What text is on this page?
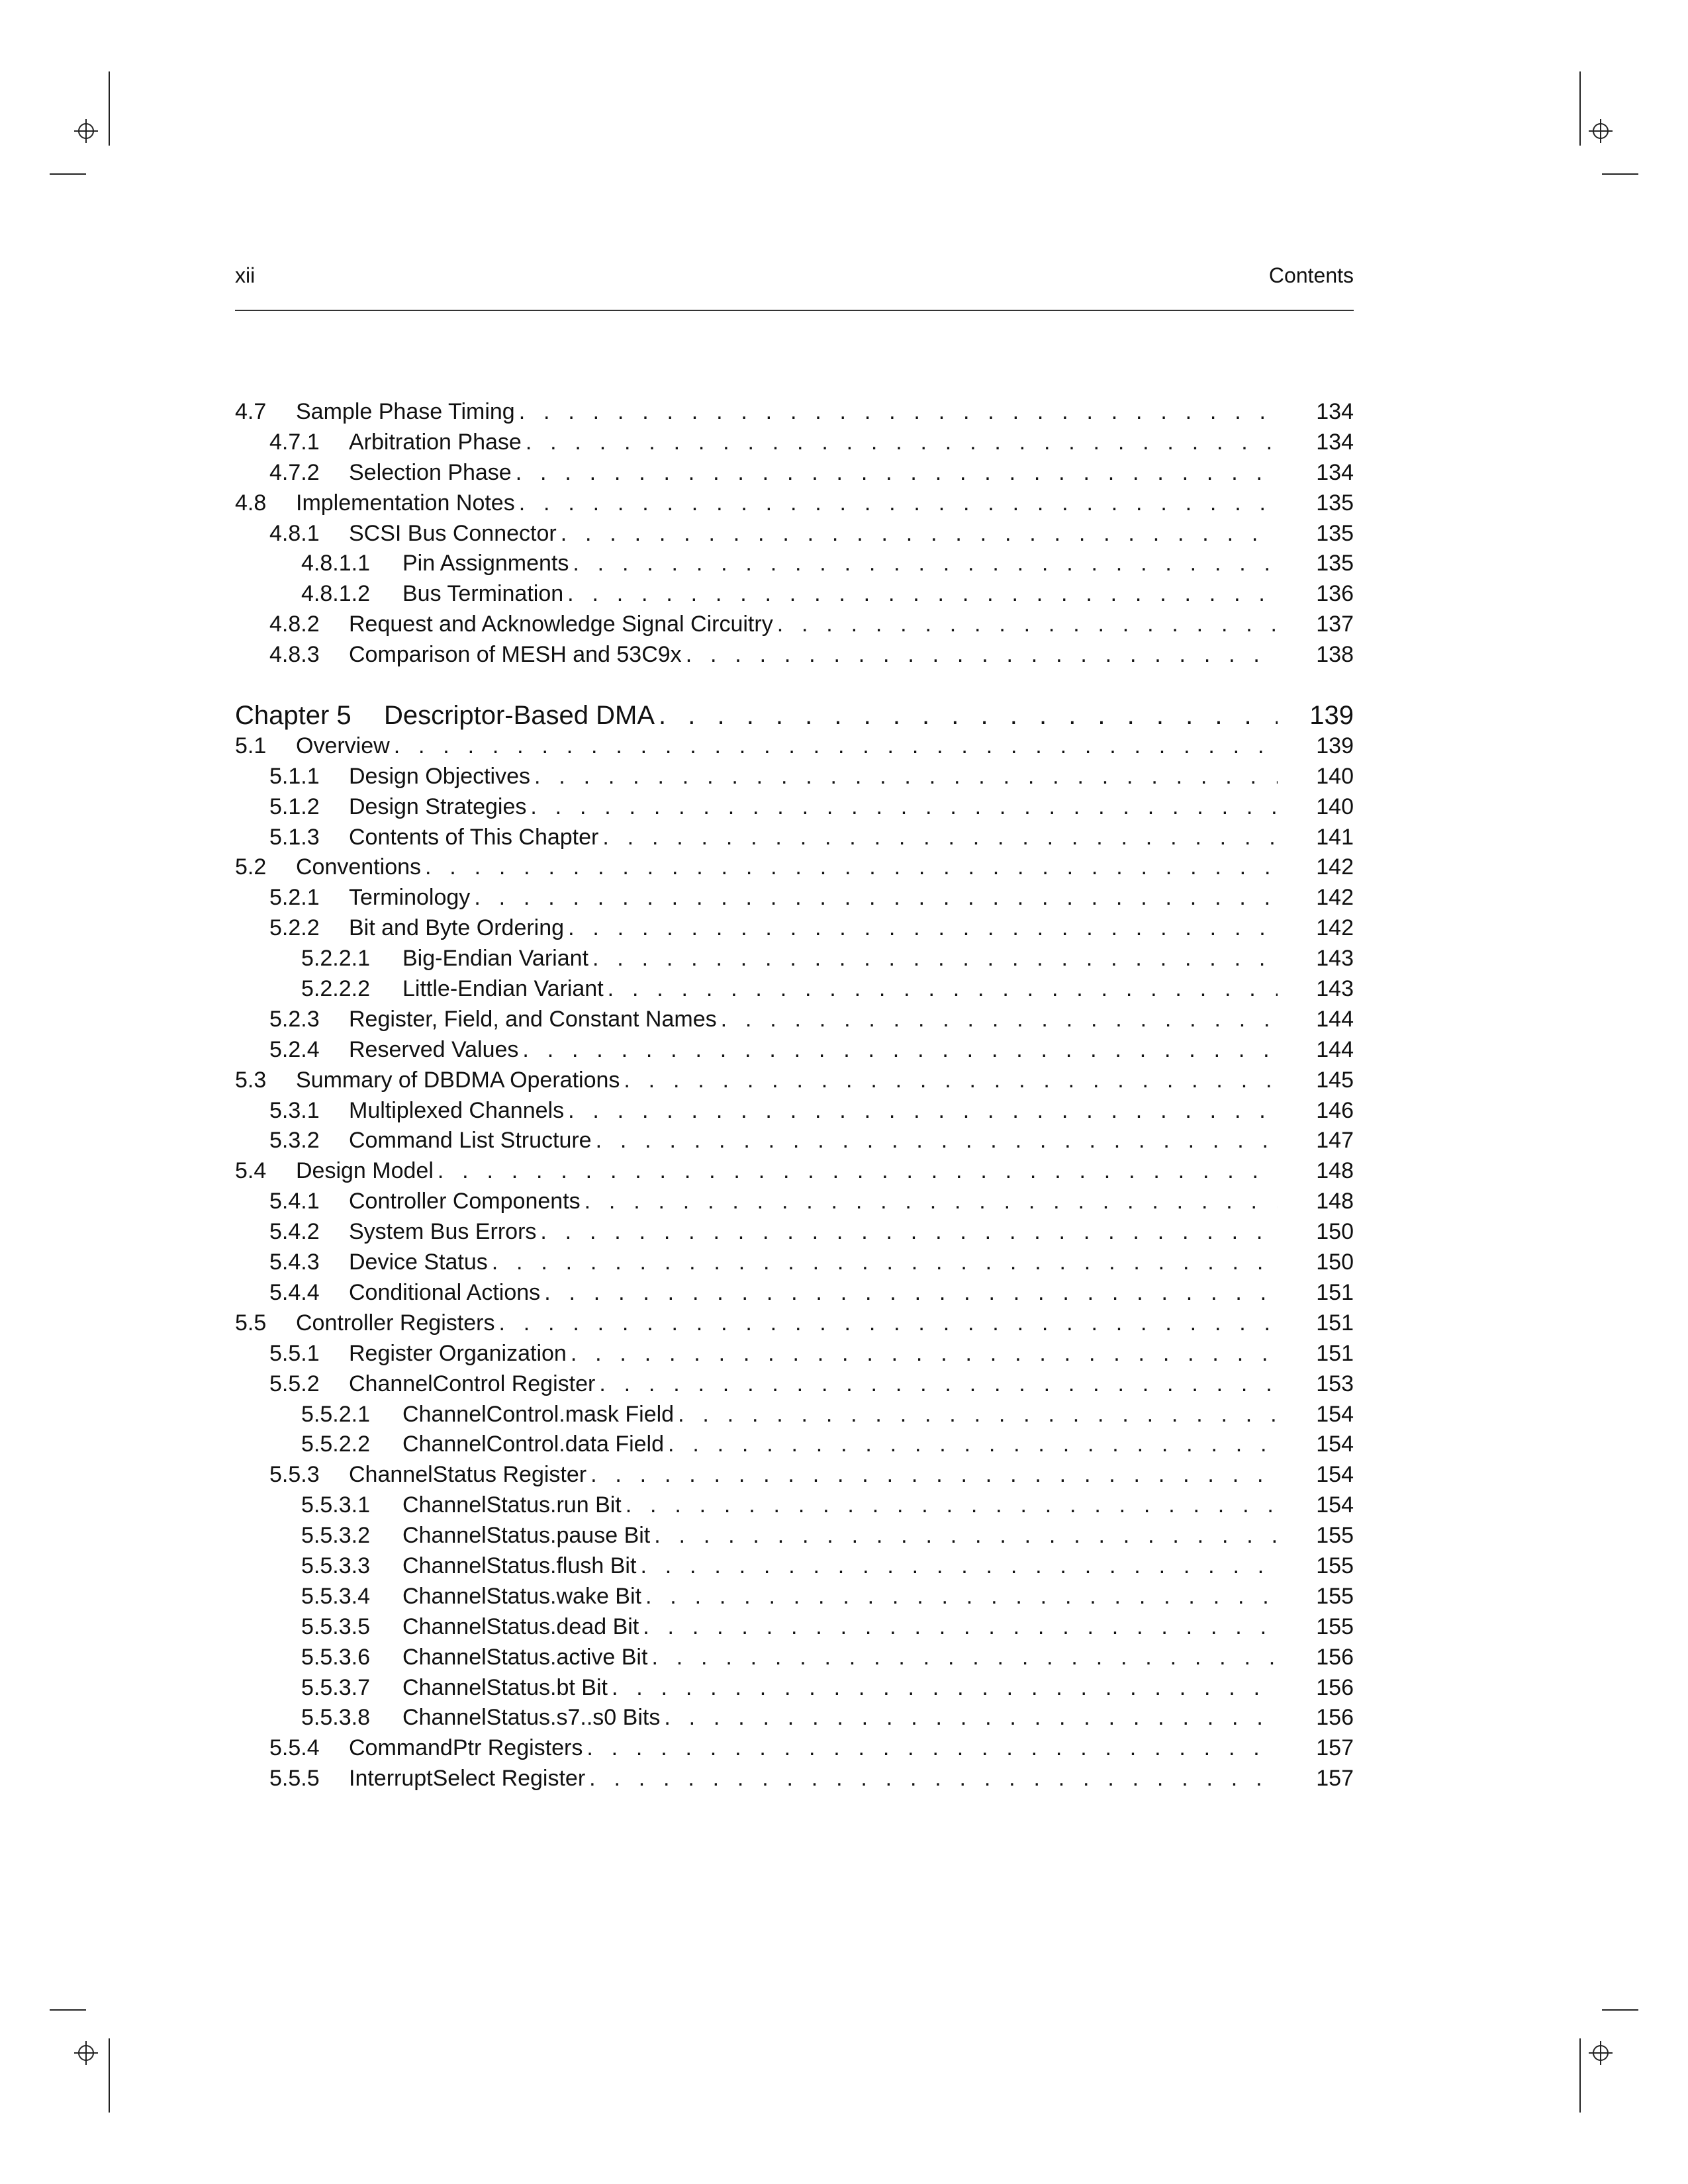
xii	Contents
4.7 Sample Phase Timing . . .	134
4.7.1 Arbitration Phase . . .	134
4.7.2 Selection Phase . . .	134
4.8 Implementation Notes . . .	135
4.8.1 SCSI Bus Connector . . .	135
4.8.1.1 Pin Assignments . . .	135
4.8.1.2 Bus Termination . . .	136
4.8.2 Request and Acknowledge Signal Circuitry . . .	137
4.8.3 Comparison of MESH and 53C9x . . .	138
Chapter 5 Descriptor-Based DMA . . .	139
5.1 Overview . . .	139
5.1.1 Design Objectives . . .	140
5.1.2 Design Strategies . . .	140
5.1.3 Contents of This Chapter . . .	141
5.2 Conventions . . .	142
5.2.1 Terminology . . .	142
5.2.2 Bit and Byte Ordering . . .	142
5.2.2.1 Big-Endian Variant . . .	143
5.2.2.2 Little-Endian Variant . . .	143
5.2.3 Register, Field, and Constant Names . . .	144
5.2.4 Reserved Values . . .	144
5.3 Summary of DBDMA Operations . . .	145
5.3.1 Multiplexed Channels . . .	146
5.3.2 Command List Structure . . .	147
5.4 Design Model . . .	148
5.4.1 Controller Components . . .	148
5.4.2 System Bus Errors . . .	150
5.4.3 Device Status . . .	150
5.4.4 Conditional Actions . . .	151
5.5 Controller Registers . . .	151
5.5.1 Register Organization . . .	151
5.5.2 ChannelControl Register . . .	153
5.5.2.1 ChannelControl.mask Field . . .	154
5.5.2.2 ChannelControl.data Field . . .	154
5.5.3 ChannelStatus Register . . .	154
5.5.3.1 ChannelStatus.run Bit . . .	154
5.5.3.2 ChannelStatus.pause Bit . . .	155
5.5.3.3 ChannelStatus.flush Bit . . .	155
5.5.3.4 ChannelStatus.wake Bit . . .	155
5.5.3.5 ChannelStatus.dead Bit . . .	155
5.5.3.6 ChannelStatus.active Bit . . .	156
5.5.3.7 ChannelStatus.bt Bit . . .	156
5.5.3.8 ChannelStatus.s7..s0 Bits . . .	156
5.5.4 CommandPtr Registers . . .	157
5.5.5 InterruptSelect Register . . .	157
